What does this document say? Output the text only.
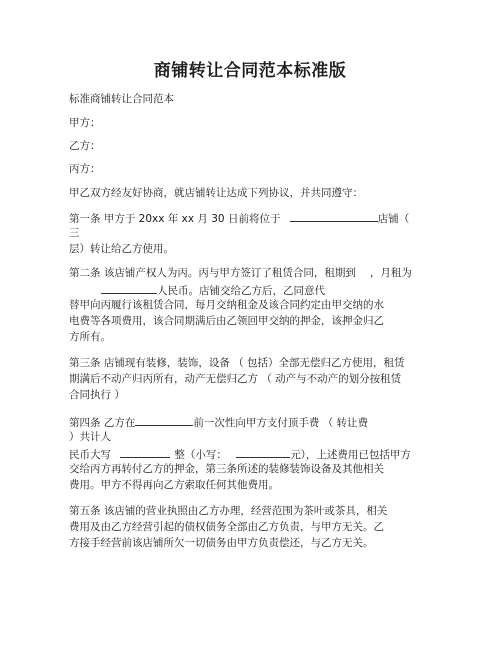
商铺转让合同范本标准版
标准商铺转让合同范本
甲方：
乙方：
丙方：
甲乙双方经友好协商，就店铺转让达成下列协议，并共同遵守：
第一条 甲方于 20xx 年 xx 月 30 日前将位于	店铺（
三
层）转让给乙方使用。
第二条 该店铺产权人为丙。丙与甲方签订了租赁合同，租期到 ，月租为
人民币。店铺交给乙方后，乙同意代
替甲向丙履行该租赁合同，每月交纳租金及该合同约定由甲交纳的水
电费等各项费用，该合同期满后由乙领回甲交纳的押金，该押金归乙
方所有。
第三条 店铺现有装修，装饰，设备 （ 包括）全部无偿归乙方使用，租赁
期满后不动产归丙所有，动产无偿归乙方 （ 动产与不动产的划分按租赁
合同执行 ）
第四条 乙方在	前一次性向甲方支付顶手费 （ 转让费
）共计人
民币大写	整（小写：	元），上述费用已包括甲方
交给丙方再转付乙方的押金，第三条所述的装修装饰设备及其他相关
费用。甲方不得再向乙方索取任何其他费用。
第五条 该店铺的营业执照由乙方办理，经营范围为茶叶或茶具，相关
费用及由乙方经营引起的债权债务全部由乙方负责，与甲方无关。乙
方接手经营前该店铺所欠一切债务由甲方负责偿还，与乙方无关。
